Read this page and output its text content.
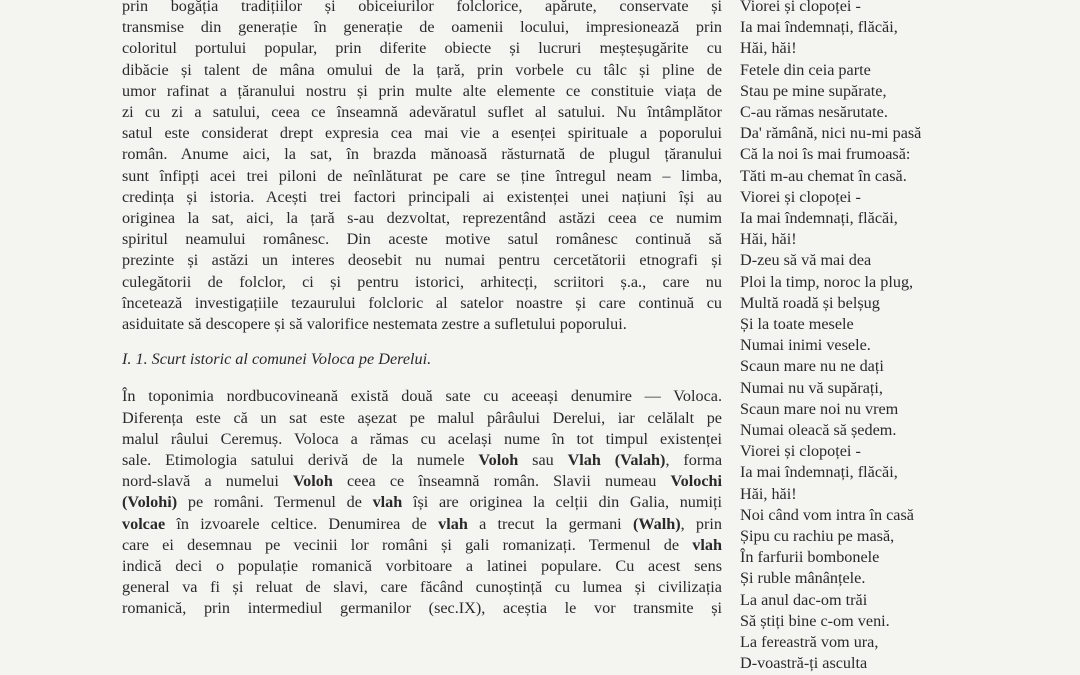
prin bogăția tradițiilor și obiceiurilor folclorice, apărute, conservate și
transmise din generație în generație de oamenii locului, impresionează prin
coloritul portului popular, prin diferite obiecte și lucruri meșteșugărite cu
dibăcie și talent de mâna omului de la țară, prin vorbele cu tâlc și pline de
umor rafinat a țăranului nostru și prin multe alte elemente ce constituie viața de
zi cu zi a satului, ceea ce înseamnă adevăratul suflet al satului. Nu întâmplător
satul este considerat drept expresia cea mai vie a esenței spirituale a poporului
român. Anume aici, la sat, în brazda mănoasă răsturnată de plugul țăranului
sunt înfipți acei trei piloni de neînlăturat pe care se ține întregul neam – limba,
credința și istoria. Acești trei factori principali ai existenței unei națiuni își au
originea la sat, aici, la țară s-au dezvoltat, reprezentând astăzi ceea ce numim
spiritul neamului românesc. Din aceste motive satul românesc continuă să
prezinte și astăzi un interes deosebit nu numai pentru cercetătorii etnografi și
culegătorii de folclor, ci și pentru istorici, arhitecți, scriitori ș.a., care nu
încetează investigațiile tezaurului folcloric al satelor noastre și care continuă cu
asiduitate să descopere și să valorifice nestemata zestre a sufletului poporului.

I. 1. Scurt istoric al comunei Voloca pe Derelui.

În toponimia nordbucovineană există două sate cu aceeași denumire — Voloca.
Diferența este că un sat este așezat pe malul pârâului Derelui, iar celălalt pe
malul râului Ceremuș. Voloca a rămas cu același nume în tot timpul existenței
sale. Etimologia satului derivă de la numele Voloh sau Vlah (Valah), forma
nord-slavă a numelui Voloh ceea ce înseamnă român. Slavii numeau Volochi
(Volohi) pe români. Termenul de vlah își are originea la celții din Galia, numiți
volcae în izvoarele celtice. Denumirea de vlah a trecut la germani (Walh), prin
care ei desemnau pe vecinii lor români și gali romanizați. Termenul de vlah
indică deci o populație romanică vorbitoare a latinei populare. Cu acest sens
general va fi și reluat de slavi, care făcând cunoștință cu lumea și civilizația
romanică, prin intermediul germanilor (sec.IX), aceștia le vor transmite și

Viorei și clopoței -
Ia mai îndemnați, flăcăi,
Hăi, hăi!
Fetele din ceia parte
Stau pe mine supărate,
C-au rămas nesărutate.
Da' rămână, nici nu-mi pasă
Că la noi îs mai frumoasă:
Tăti m-au chemat în casă.
Viorei și clopoței -
Ia mai îndemnați, flăcăi,
Hăi, hăi!
D-zeu să vă mai dea
Ploi la timp, noroc la plug,
Multă roadă și belșug
Și la toate mesele
Numai inimi vesele.
Scaun mare nu ne dați
Numai nu vă supărați,
Scaun mare noi nu vrem
Numai oleacă să ședem.
Viorei și clopoței -
Ia mai îndemnați, flăcăi,
Hăi, hăi!
Noi când vom intra în casă
Șipu cu rachiu pe masă,
În farfurii bombonele
Și ruble mânânțele.
La anul dac-om trăi
Să știți bine c-om veni.
La fereastră vom ura,
D-voastră-ți asculta
